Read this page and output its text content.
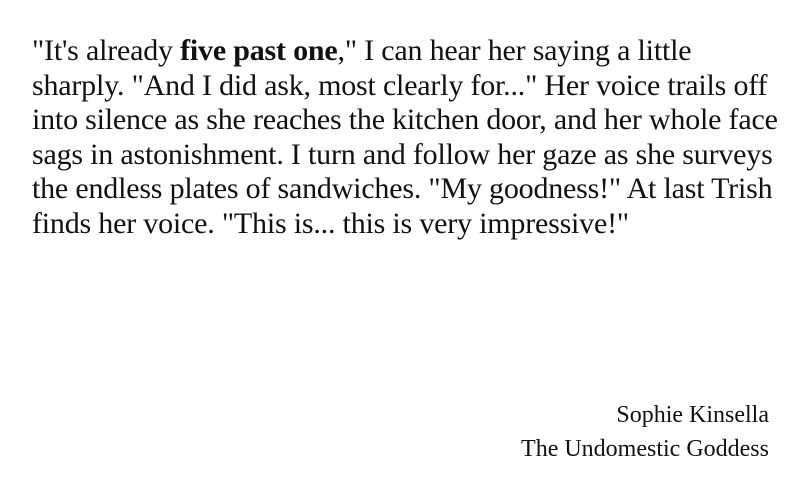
"It's already five past one," I can hear her saying a little sharply. "And I did ask, most clearly for..." Her voice trails off into silence as she reaches the kitchen door, and her whole face sags in astonishment. I turn and follow her gaze as she surveys the endless plates of sandwiches. "My goodness!" At last Trish finds her voice. "This is... this is very impressive!"

Sophie Kinsella
The Undomestic Goddess
